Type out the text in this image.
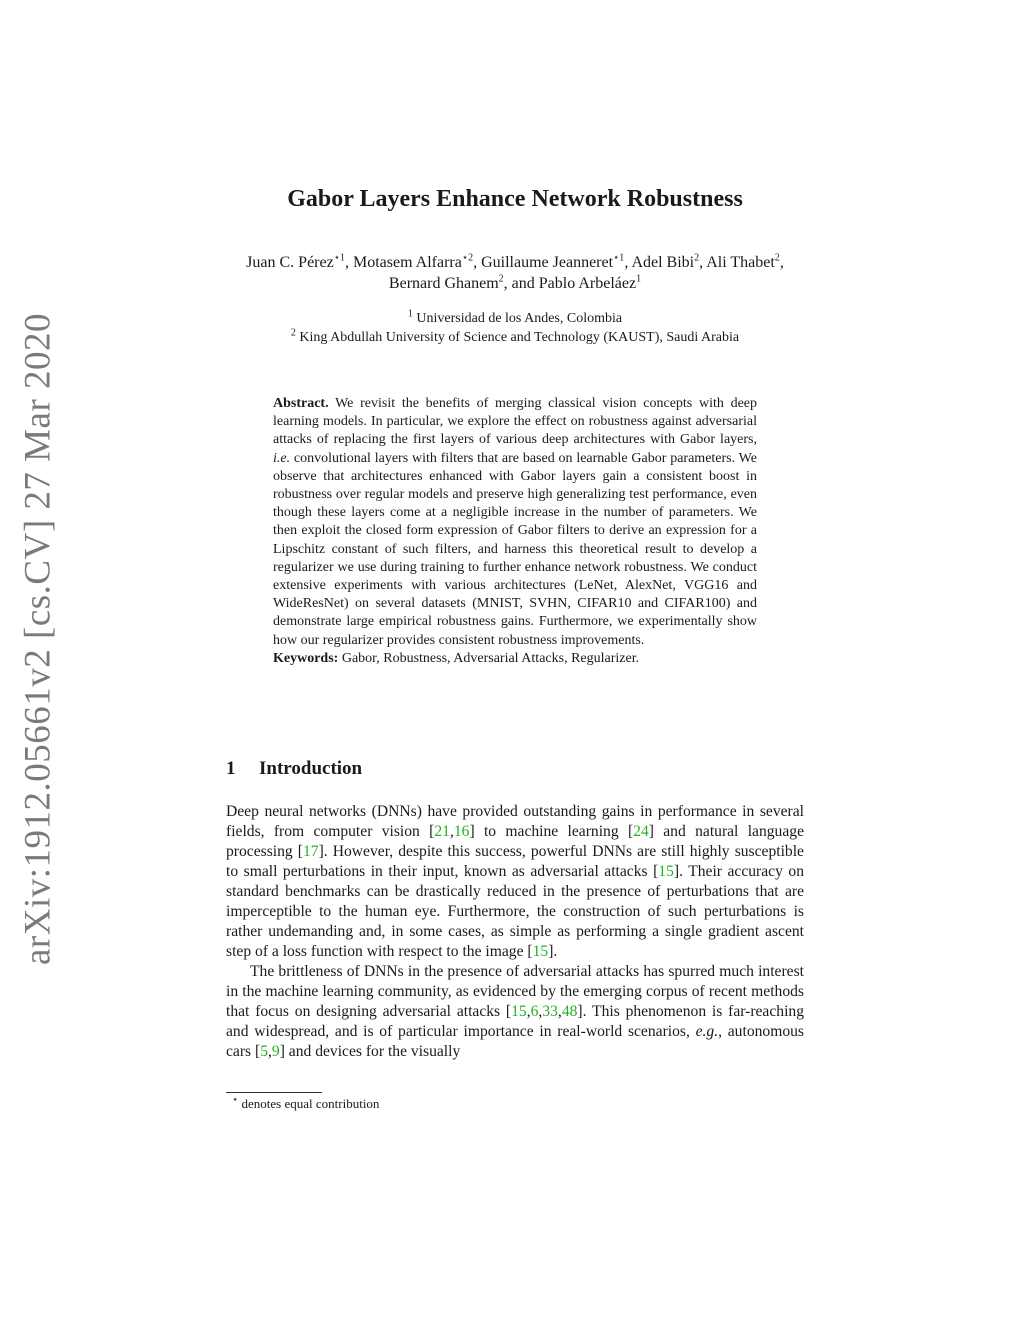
arXiv:1912.05661v2 [cs.CV] 27 Mar 2020
Gabor Layers Enhance Network Robustness
Juan C. Pérez$^{⋆1}$, Motasem Alfarra$^{⋆2}$, Guillaume Jeanneret$^{⋆1}$, Adel Bibi$^2$, Ali Thabet$^2$, Bernard Ghanem$^2$, and Pablo Arbeláez$^1$
$^1$ Universidad de los Andes, Colombia
$^2$ King Abdullah University of Science and Technology (KAUST), Saudi Arabia
Abstract. We revisit the benefits of merging classical vision concepts with deep learning models. In particular, we explore the effect on robustness against adversarial attacks of replacing the first layers of various deep architectures with Gabor layers, i.e. convolutional layers with filters that are based on learnable Gabor parameters. We observe that architectures enhanced with Gabor layers gain a consistent boost in robustness over regular models and preserve high generalizing test performance, even though these layers come at a negligible increase in the number of parameters. We then exploit the closed form expression of Gabor filters to derive an expression for a Lipschitz constant of such filters, and harness this theoretical result to develop a regularizer we use during training to further enhance network robustness. We conduct extensive experiments with various architectures (LeNet, AlexNet, VGG16 and WideResNet) on several datasets (MNIST, SVHN, CIFAR10 and CIFAR100) and demonstrate large empirical robustness gains. Furthermore, we experimentally show how our regularizer provides consistent robustness improvements.
Keywords: Gabor, Robustness, Adversarial Attacks, Regularizer.
1 Introduction

Deep neural networks (DNNs) have provided outstanding gains in performance in several fields, from computer vision [21,16] to machine learning [24] and natural language processing [17]. However, despite this success, powerful DNNs are still highly susceptible to small perturbations in their input, known as adversarial attacks [15]. Their accuracy on standard benchmarks can be drastically reduced in the presence of perturbations that are imperceptible to the human eye. Furthermore, the construction of such perturbations is rather undemanding and, in some cases, as simple as performing a single gradient ascent step of a loss function with respect to the image [15].

The brittleness of DNNs in the presence of adversarial attacks has spurred much interest in the machine learning community, as evidenced by the emerging corpus of recent methods that focus on designing adversarial attacks [15,6,33,48]. This phenomenon is far-reaching and widespread, and is of particular importance in real-world scenarios, e.g., autonomous cars [5,9] and devices for the visually

⋆ denotes equal contribution
